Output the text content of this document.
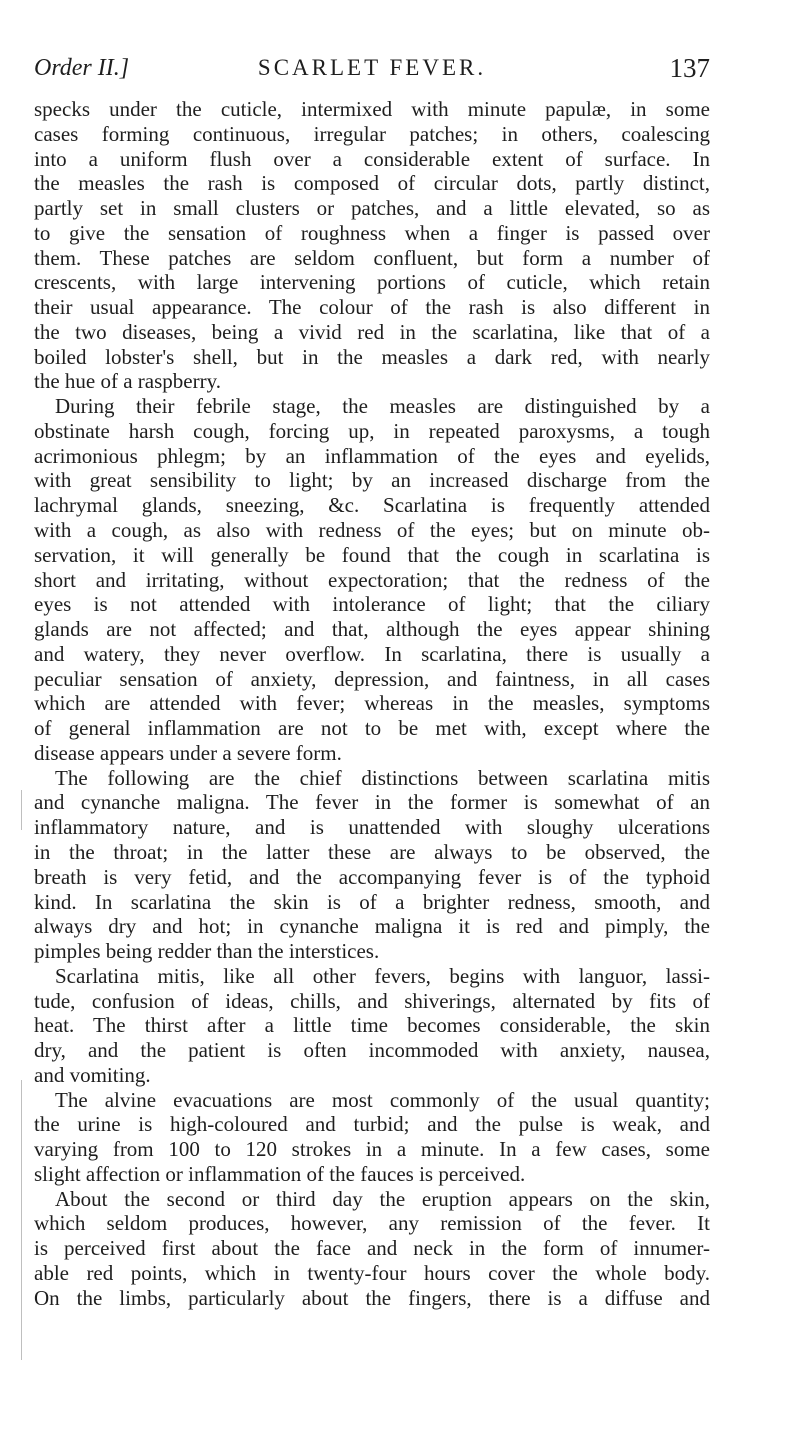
Order II.]	SCARLET FEVER.	137
specks under the cuticle, intermixed with minute papulæ, in some
cases forming continuous, irregular patches; in others, coalescing
into a uniform flush over a considerable extent of surface. In
the measles the rash is composed of circular dots, partly distinct,
partly set in small clusters or patches, and a little elevated, so as
to give the sensation of roughness when a finger is passed over
them. These patches are seldom confluent, but form a number of
crescents, with large intervening portions of cuticle, which retain
their usual appearance. The colour of the rash is also different in
the two diseases, being a vivid red in the scarlatina, like that of a
boiled lobster's shell, but in the measles a dark red, with nearly
the hue of a raspberry.
During their febrile stage, the measles are distinguished by a
obstinate harsh cough, forcing up, in repeated paroxysms, a tough
acrimonious phlegm; by an inflammation of the eyes and eyelids,
with great sensibility to light; by an increased discharge from the
lachrymal glands, sneezing, &c. Scarlatina is frequently attended
with a cough, as also with redness of the eyes; but on minute ob-
servation, it will generally be found that the cough in scarlatina is
short and irritating, without expectoration; that the redness of the
eyes is not attended with intolerance of light; that the ciliary
glands are not affected; and that, although the eyes appear shining
and watery, they never overflow. In scarlatina, there is usually a
peculiar sensation of anxiety, depression, and faintness, in all cases
which are attended with fever; whereas in the measles, symptoms
of general inflammation are not to be met with, except where the
disease appears under a severe form.
The following are the chief distinctions between scarlatina mitis
and cynanche maligna. The fever in the former is somewhat of an
inflammatory nature, and is unattended with sloughy ulcerations
in the throat; in the latter these are always to be observed, the
breath is very fetid, and the accompanying fever is of the typhoid
kind. In scarlatina the skin is of a brighter redness, smooth, and
always dry and hot; in cynanche maligna it is red and pimply, the
pimples being redder than the interstices.
Scarlatina mitis, like all other fevers, begins with languor, lassi-
tude, confusion of ideas, chills, and shiverings, alternated by fits of
heat. The thirst after a little time becomes considerable, the skin
dry, and the patient is often incommoded with anxiety, nausea,
and vomiting.
The alvine evacuations are most commonly of the usual quantity;
the urine is high-coloured and turbid; and the pulse is weak, and
varying from 100 to 120 strokes in a minute. In a few cases, some
slight affection or inflammation of the fauces is perceived.
About the second or third day the eruption appears on the skin,
which seldom produces, however, any remission of the fever. It
is perceived first about the face and neck in the form of innumer-
able red points, which in twenty-four hours cover the whole body.
On the limbs, particularly about the fingers, there is a diffuse and
